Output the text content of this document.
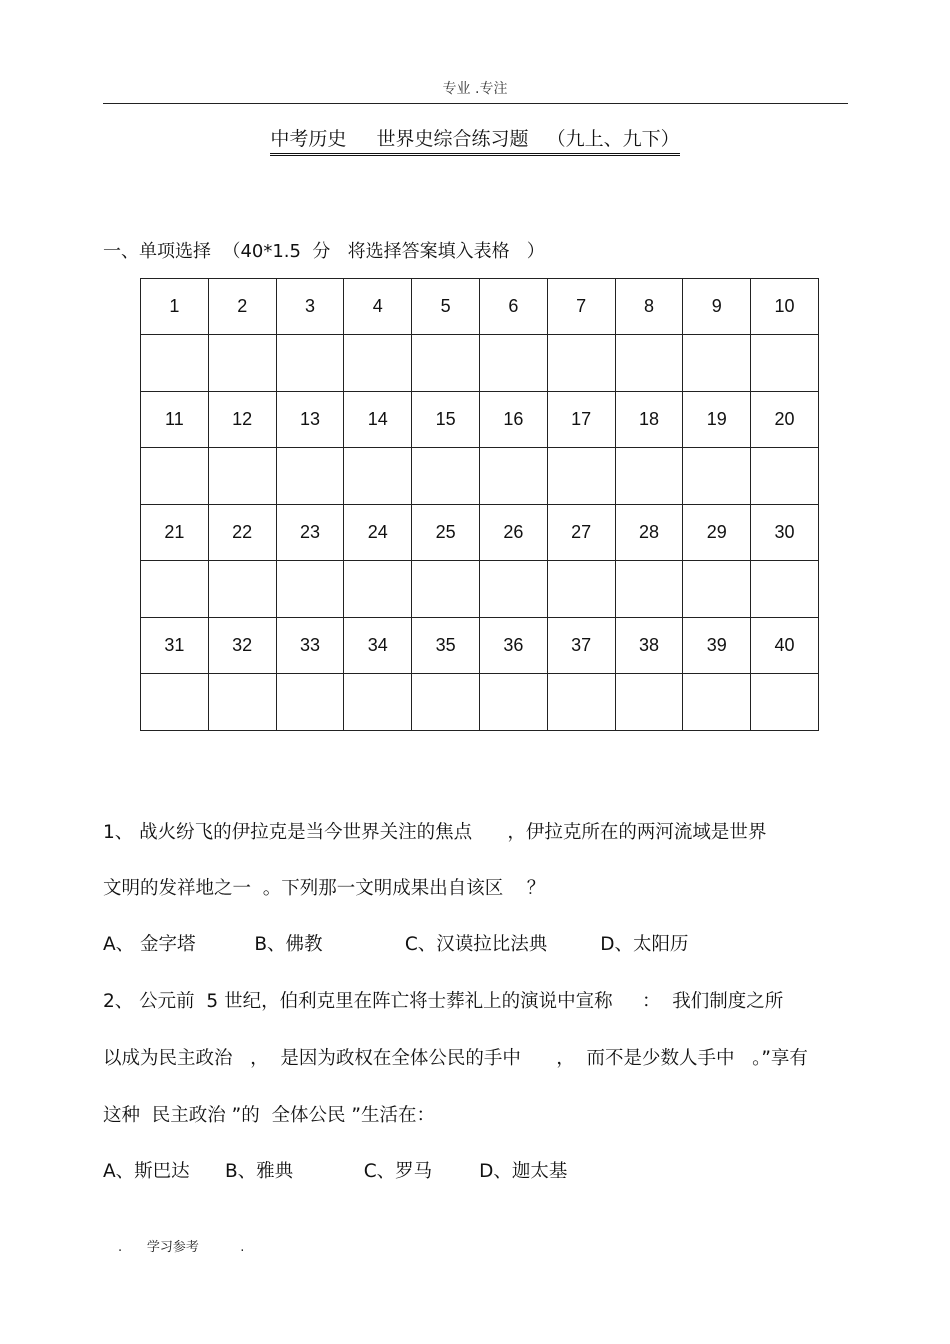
专业 .专注
中考历史     世界史综合练习题   （九上、九下）
一、单项选择  （40*1.5  分   将选择答案填入表格   ）
1	2	3	4	5	6	7	8	9	10

11	12	13	14	15	16	17	18	19	20

21	22	23	24	25	26	27	28	29	30

31	32	33	34	35	36	37	38	39	40

1、 战火纷飞的伊拉克是当今世界关注的焦点      ，伊拉克所在的两河流域是世界
文明的发祥地之一  。下列那一文明成果出自该区    ？
A、 金字塔          B、佛教              C、汉谟拉比法典         D、太阳历
2、 公元前  5 世纪，伯利克里在阵亡将士葬礼上的演说中宣称     ：  我们制度之所
以成为民主政治   ，  是因为政权在全体公民的手中      ，  而不是少数人手中   。”享有
这种  民主政治 ”的  全体公民 ”生活在：
A、斯巴达      B、雅典            C、罗马        D、迦太基
.      学习参考          .
